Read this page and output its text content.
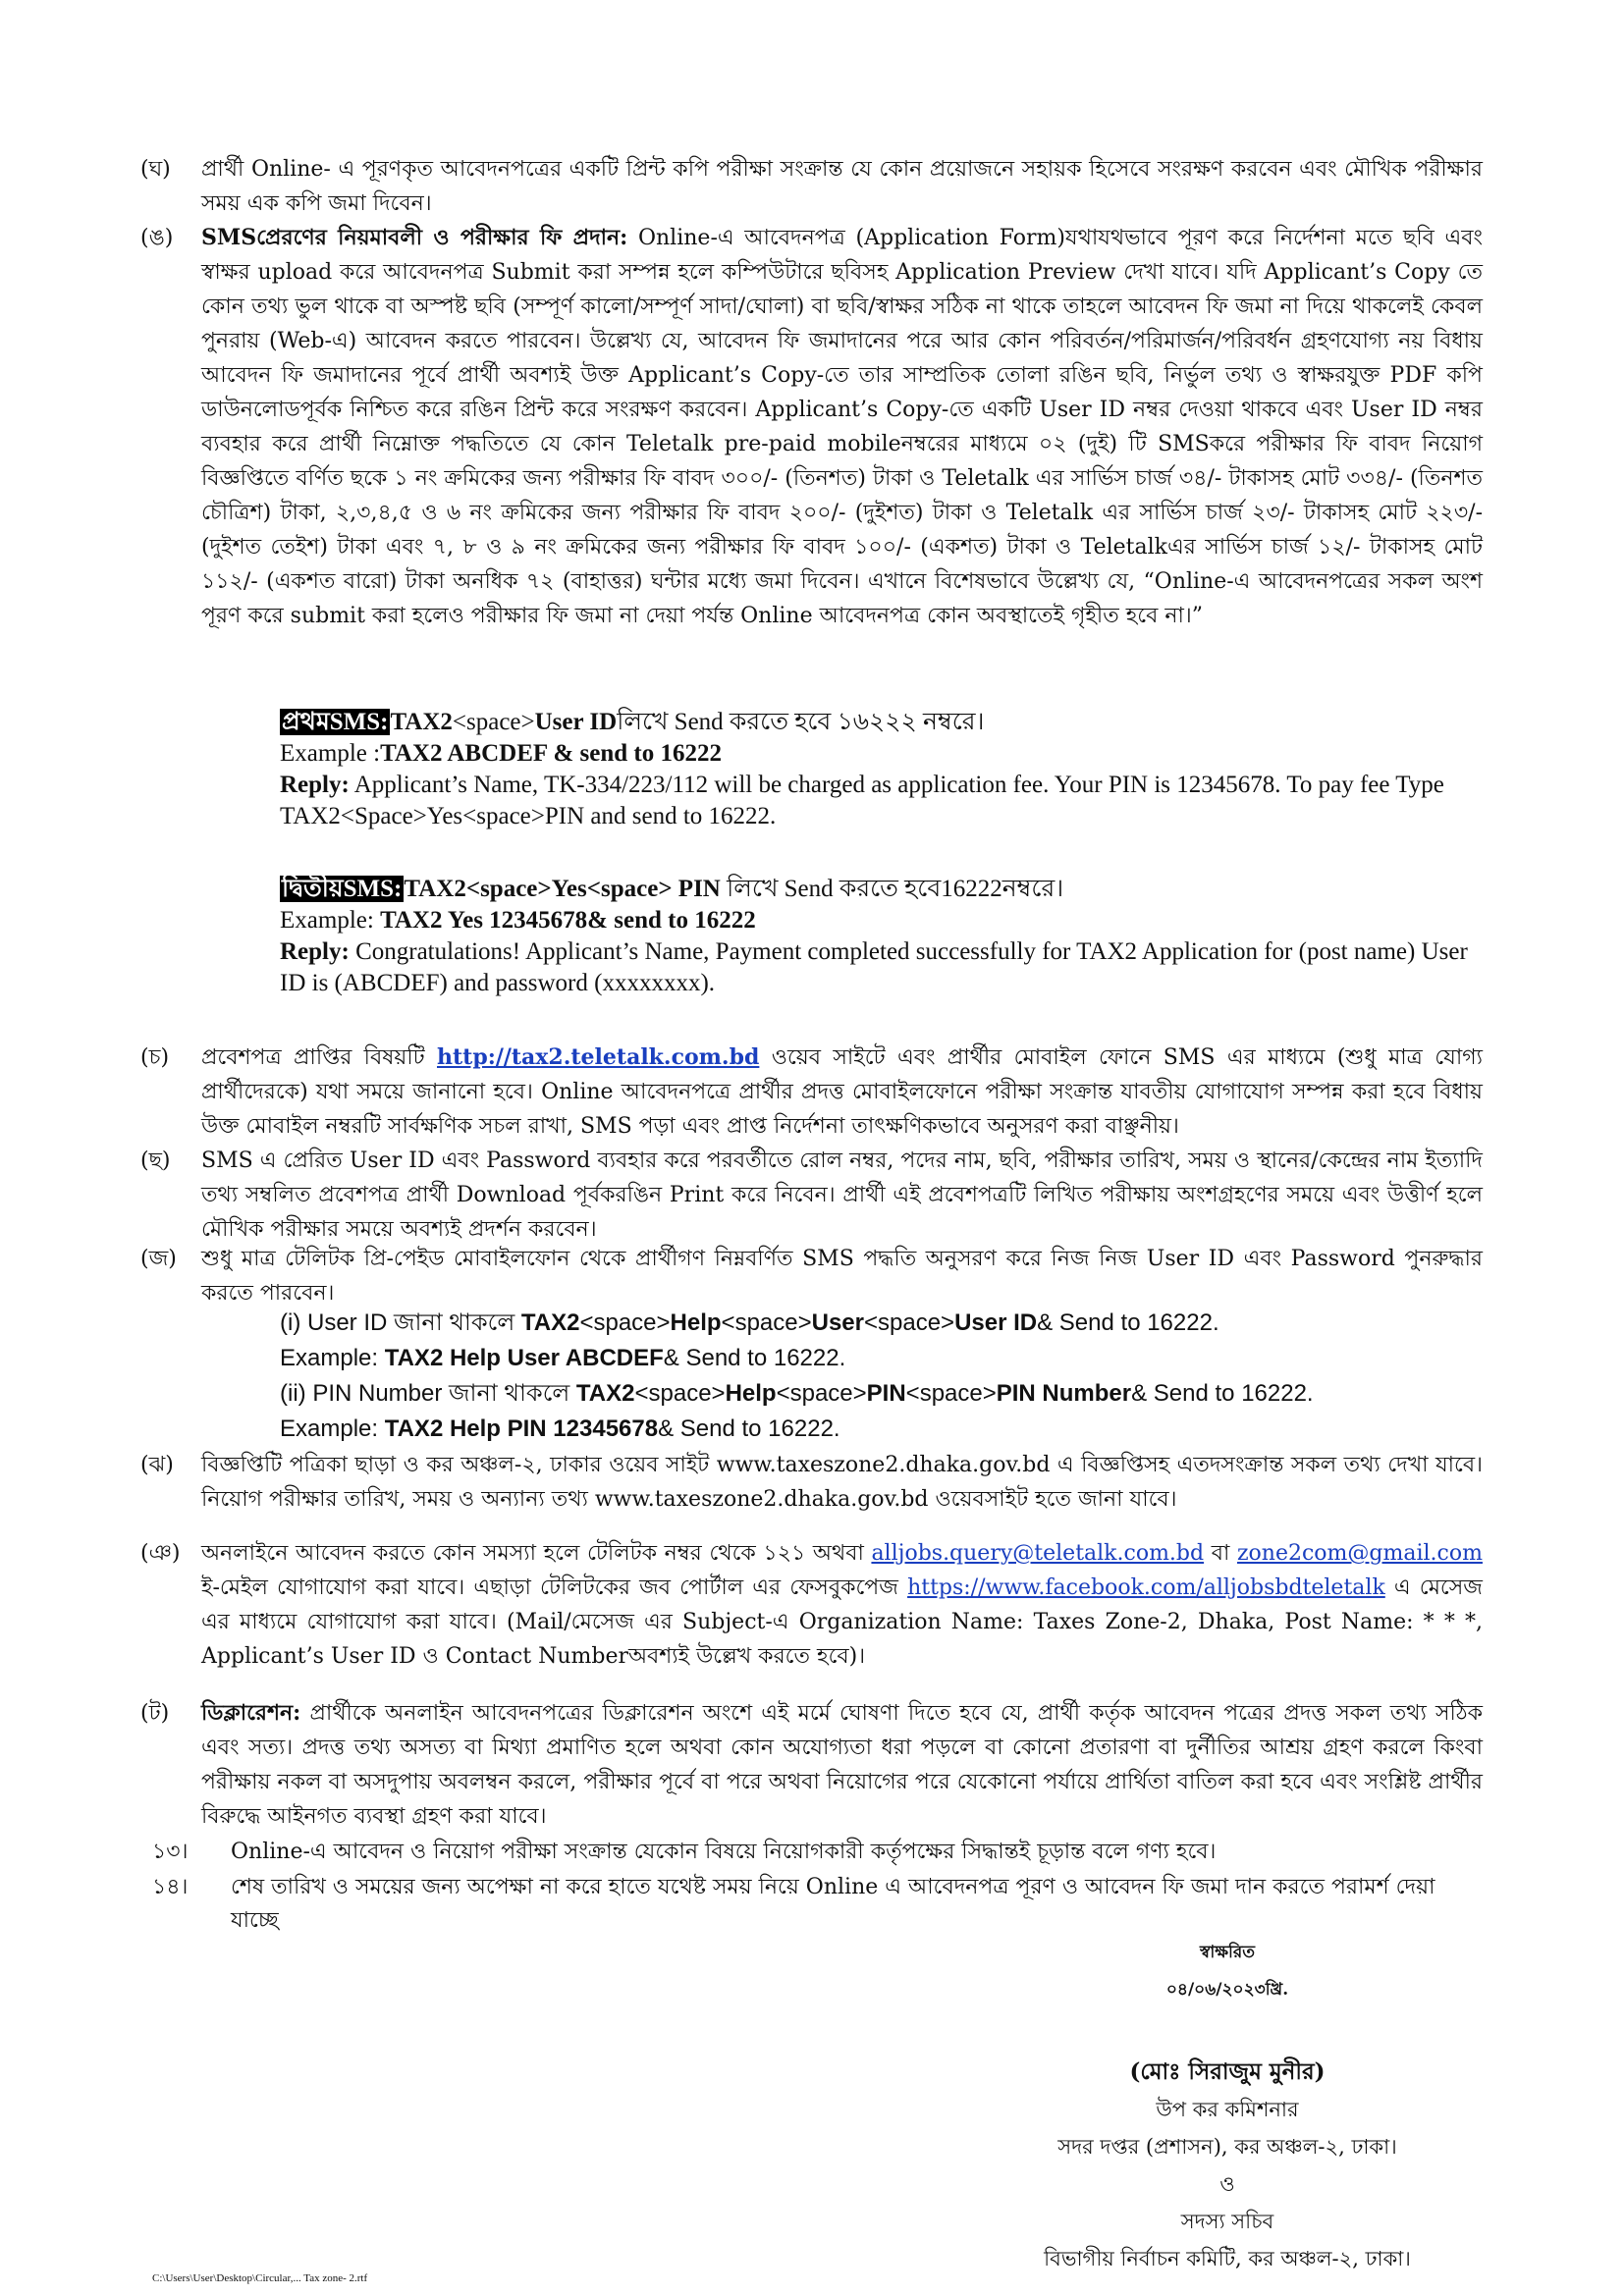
(ঘ)	প্রার্থী Online- এ পূরণকৃত আবেদনপত্রের একটি প্রিন্ট কপি পরীক্ষা সংক্রান্ত যে কোন প্রয়োজনে সহায়ক হিসেবে সংরক্ষণ করবেন এবং মৌখিক পরীক্ষার সময় এক কপি জমা দিবেন।
(ঙ)	SMSপ্রেরণের নিয়মাবলী ও পরীক্ষার ফি প্রদান: Online-এ আবেদনপত্র (Application Form)যথাযথভাবে পূরণ করে নির্দেশনা মতে ছবি এবং স্বাক্ষর upload করে আবেদনপত্র Submit করা সম্পন্ন হলে কম্পিউটারে ছবিসহ Application Preview দেখা যাবে। যদি Applicant’s Copy তে কোন তথ্য ভুল থাকে বা অস্পষ্ট ছবি (সম্পূর্ণ কালো/সম্পূর্ণ সাদা/ঘোলা) বা ছবি/স্বাক্ষর সঠিক না থাকে তাহলে আবেদন ফি জমা না দিয়ে থাকলেই কেবল পুনরায় (Web-এ) আবেদন করতে পারবেন। উল্লেখ্য যে, আবেদন ফি জমাদানের পরে আর কোন পরিবর্তন/পরিমার্জন/পরিবর্ধন গ্রহণযোগ্য নয় বিধায় আবেদন ফি জমাদানের পূর্বে প্রার্থী অবশ্যই উক্ত Applicant’s Copy-তে তার সাম্প্রতিক তোলা রঙিন ছবি, নির্ভুল তথ্য ও স্বাক্ষরযুক্ত PDF কপি ডাউনলোডপূর্বক নিশ্চিত করে রঙিন প্রিন্ট করে সংরক্ষণ করবেন। Applicant’s Copy-তে একটি User ID নম্বর দেওয়া থাকবে এবং User ID নম্বর ব্যবহার করে প্রার্থী নিম্নোক্ত পদ্ধতিতে যে কোন Teletalk pre-paid mobileনম্বরের মাধ্যমে ০২ (দুই) টি SMSকরে পরীক্ষার ফি বাবদ নিয়োগ বিজ্ঞপ্তিতে বর্ণিত ছকে ১ নং ক্রমিকের জন্য পরীক্ষার ফি বাবদ ৩০০/- (তিনশত) টাকা ও Teletalk এর সার্ভিস চার্জ ৩৪/- টাকাসহ মোট ৩৩৪/- (তিনশত চৌত্রিশ) টাকা, ২,৩,৪,৫ ও ৬ নং ক্রমিকের জন্য পরীক্ষার ফি বাবদ ২০০/- (দুইশত) টাকা ও Teletalk এর সার্ভিস চার্জ ২৩/- টাকাসহ মোট ২২৩/- (দুইশত তেইশ) টাকা এবং ৭, ৮ ও ৯ নং ক্রমিকের জন্য পরীক্ষার ফি বাবদ ১০০/- (একশত) টাকা ও Teletalkএর সার্ভিস চার্জ ১২/- টাকাসহ মোট ১১২/- (একশত বারো) টাকা অনধিক ৭২ (বাহাত্তর) ঘন্টার মধ্যে জমা দিবেন। এখানে বিশেষভাবে উল্লেখ্য যে, “Online-এ আবেদনপত্রের সকল অংশ পূরণ করে submit করা হলেও পরীক্ষার ফি জমা না দেয়া পর্যন্ত Online আবেদনপত্র কোন অবস্থাতেই গৃহীত হবে না।”
প্রথমSMS:TAX2<space>User IDলিখে Send করতে হবে ১৬২২২ নম্বরে।
Example :TAX2 ABCDEF & send to 16222
Reply: Applicant’s Name, TK-334/223/112 will be charged as application fee. Your PIN is 12345678. To pay fee Type TAX2<Space>Yes<space>PIN and send to 16222.
দ্বিতীয়SMS:TAX2<space>Yes<space> PIN লিখে Send করতে হবে16222নম্বরে।
Example: TAX2 Yes 12345678& send to 16222
Reply: Congratulations! Applicant’s Name, Payment completed successfully for TAX2 Application for (post name) User ID is (ABCDEF) and password (xxxxxxxx).
(চ)	প্রবেশপত্র প্রাপ্তির বিষয়টি http://tax2.teletalk.com.bd ওয়েব সাইটে এবং প্রার্থীর মোবাইল ফোনে SMS এর মাধ্যমে (শুধু মাত্র যোগ্য প্রার্থীদেরকে) যথা সময়ে জানানো হবে। Online আবেদনপত্রে প্রার্থীর প্রদত্ত মোবাইলফোনে পরীক্ষা সংক্রান্ত যাবতীয় যোগাযোগ সম্পন্ন করা হবে বিধায় উক্ত মোবাইল নম্বরটি সার্বক্ষণিক সচল রাখা, SMS পড়া এবং প্রাপ্ত নির্দেশনা তাৎক্ষণিকভাবে অনুসরণ করা বাঞ্ছনীয়।
(ছ)	SMS এ প্রেরিত User ID এবং Password ব্যবহার করে পরবর্তীতে রোল নম্বর, পদের নাম, ছবি, পরীক্ষার তারিখ, সময় ও স্থানের/কেন্দ্রের নাম ইত্যাদি তথ্য সম্বলিত প্রবেশপত্র প্রার্থী Download পূর্বকরঙিন Print করে নিবেন। প্রার্থী এই প্রবেশপত্রটি লিখিত পরীক্ষায় অংশগ্রহণের সময়ে এবং উত্তীর্ণ হলে মৌখিক পরীক্ষার সময়ে অবশ্যই প্রদর্শন করবেন।
(জ)	শুধু মাত্র টেলিটক প্রি-পেইড মোবাইলফোন থেকে প্রার্থীগণ নিম্নবর্ণিত SMS পদ্ধতি অনুসরণ করে নিজ নিজ User ID এবং Password পুনরুদ্ধার করতে পারবেন।
(i) User ID জানা থাকলে TAX2<space>Help<space>User<space>User ID& Send to 16222.
Example: TAX2 Help User ABCDEF& Send to 16222.
(ii) PIN Number জানা থাকলে TAX2<space>Help<space>PIN<space>PIN Number& Send to 16222.
Example: TAX2 Help PIN 12345678& Send to 16222.
(ঝ)	বিজ্ঞপ্তিটি পত্রিকা ছাড়া ও কর অঞ্চল-২, ঢাকার ওয়েব সাইট www.taxeszone2.dhaka.gov.bd এ বিজ্ঞপ্তিসহ এতদসংক্রান্ত সকল তথ্য দেখা যাবে। নিয়োগ পরীক্ষার তারিখ, সময় ও অন্যান্য তথ্য www.taxeszone2.dhaka.gov.bd ওয়েবসাইট হতে জানা যাবে।
(ঞ) অনলাইনে আবেদন করতে কোন সমস্যা হলে টেলিটক নম্বর থেকে ১২১ অথবা alljobs.query@teletalk.com.bd বা zone2com@gmail.com ই-মেইল যোগাযোগ করা যাবে। এছাড়া টেলিটকের জব পোর্টাল এর ফেসবুকপেজ https://www.facebook.com/alljobsbdteletalk এ মেসেজ এর মাধ্যমে যোগাযোগ করা যাবে। (Mail/মেসেজ এর Subject-এ Organization Name: Taxes Zone-2, Dhaka, Post Name: * * *, Applicant’s User ID ও Contact Numberঅবশ্যই উল্লেখ করতে হবে)।
(ট)	ডিক্লারেশন: প্রার্থীকে অনলাইন আবেদনপত্রের ডিক্লারেশন অংশে এই মর্মে ঘোষণা দিতে হবে যে, প্রার্থী কর্তৃক আবেদন পত্রের প্রদত্ত সকল তথ্য সঠিক এবং সত্য। প্রদত্ত তথ্য অসত্য বা মিথ্যা প্রমাণিত হলে অথবা কোন অযোগ্যতা ধরা পড়লে বা কোনো প্রতারণা বা দুর্নীতির আশ্রয় গ্রহণ করলে কিংবা পরীক্ষায় নকল বা অসদুপায় অবলম্বন করলে, পরীক্ষার পূর্বে বা পরে অথবা নিয়োগের পরে যেকোনো পর্যায়ে প্রার্থিতা বাতিল করা হবে এবং সংশ্লিষ্ট প্রার্থীর বিরুদ্ধে আইনগত ব্যবস্থা গ্রহণ করা যাবে।
১৩।	Online-এ আবেদন ও নিয়োগ পরীক্ষা সংক্রান্ত যেকোন বিষয়ে নিয়োগকারী কর্তৃপক্ষের সিদ্ধান্তই চূড়ান্ত বলে গণ্য হবে।
১৪।	শেষ তারিখ ও সময়ের জন্য অপেক্ষা না করে হাতে যথেষ্ট সময় নিয়ে Online এ আবেদনপত্র পূরণ ও আবেদন ফি জমা দান করতে পরামর্শ দেয়া যাচ্ছে
স্বাক্ষরিত
০৪/০৬/২০২৩খ্রি.
(মোঃ সিরাজুম মুনীর)
উপ কর কমিশনার
সদর দপ্তর (প্রশাসন), কর অঞ্চল-২, ঢাকা।
ও
সদস্য সচিব
বিভাগীয় নির্বাচন কমিটি, কর অঞ্চল-২, ঢাকা।
C:\Users\User\Desktop\Circular,... Tax zone- 2.rtf
